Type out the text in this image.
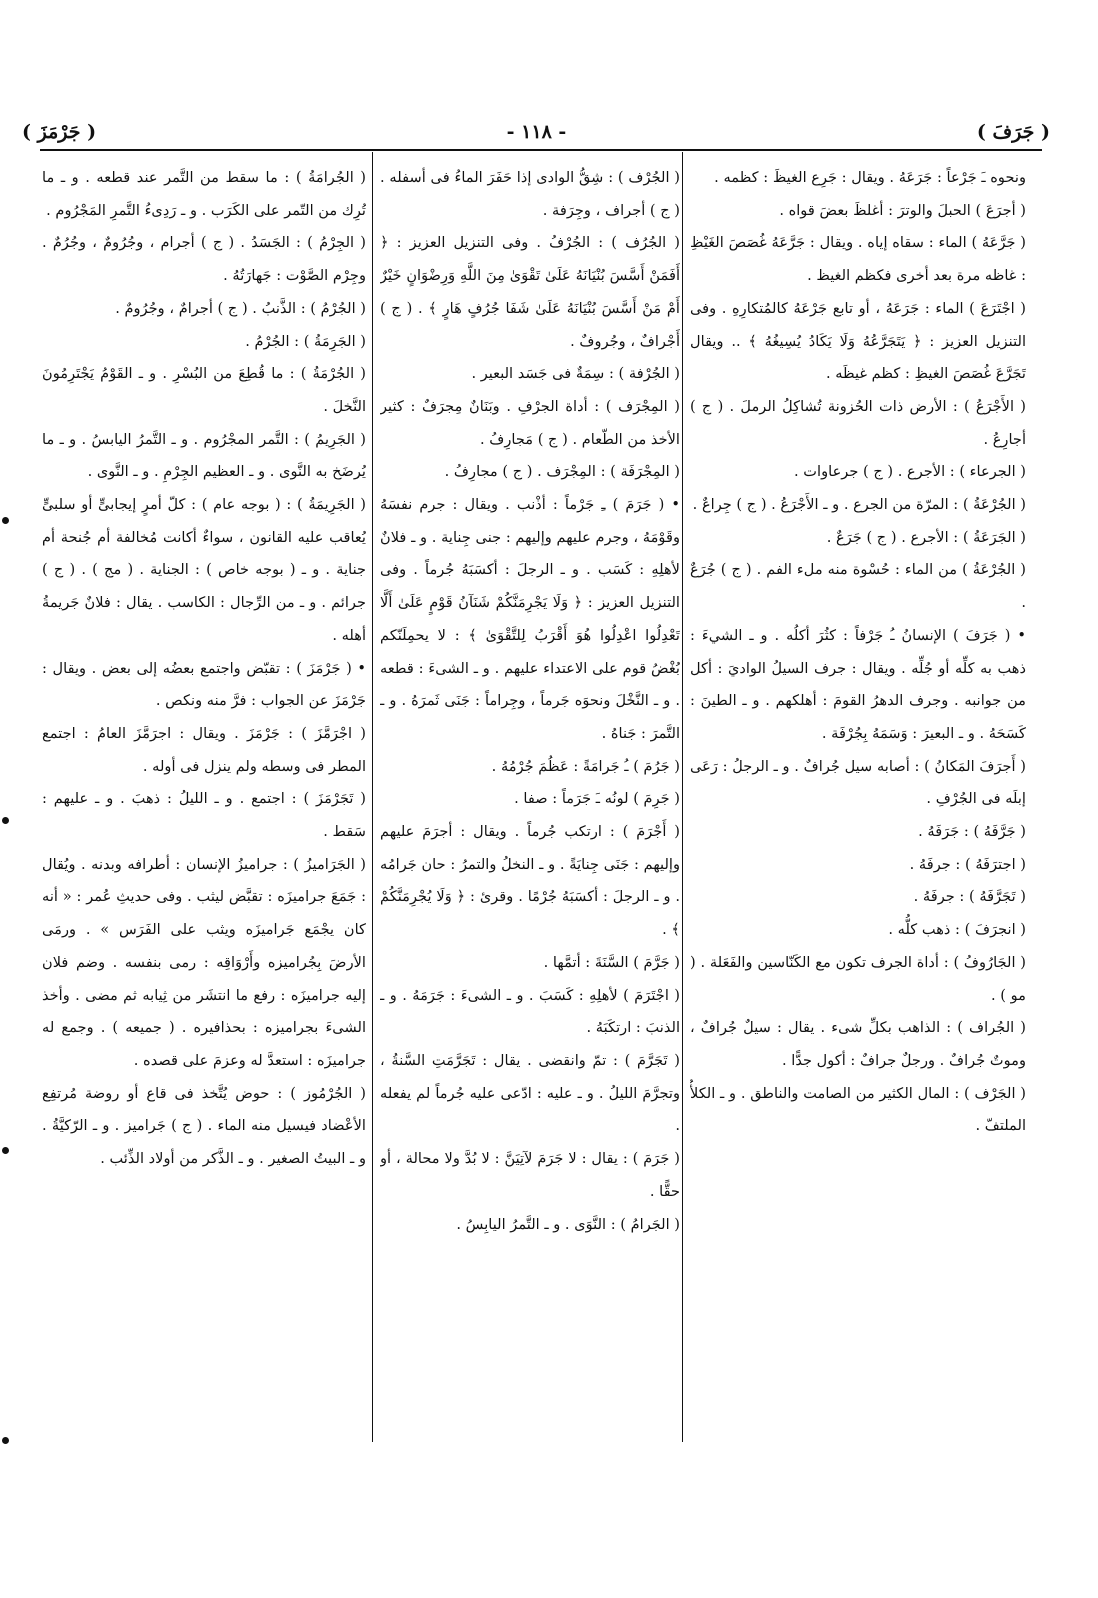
( جَرَفَ )
- ١١٨ -
( جَرْمَزَ )

ونحوه ـَ جَرْعاً : جَرَعَهُ . ويقال : جَرِع الغيظَ : كظمه .

( أجرَعَ ) الحبلَ والوترَ : أغلظَ بعضَ قواه .

( جَرَّعَهُ ) الماء : سقاه إياه . ويقال : جَرَّعَهُ غُصَصَ الغَيْظِ : غاظه مرة بعد أخرى فكظم الغيظ .

( اجْتَرَعَ ) الماء : جَرَعَهُ ، أو تابع جَرْعَهُ كالمُتكارِهِ . وفى التنزيل العزيز : ﴿ يَتَجَرَّعُهُ وَلَا يَكَادُ يُسِيغُهُ ﴾ .. ويقال تَجَرَّعَ غُصَصَ الغيظِ : كظم غيظَه .

( الأَجْرَعُ ) : الأرض ذات الحُزونة تُشاكِلُ الرملَ . ( ج ) أجارِعُ .

( الجرعاء ) : الأجرع . ( ج ) جرعاوات .

( الجُرْعَةُ ) : المرّة من الجرع . و ـ الأَجْرَعُ . ( ج ) جِراعٌ .

( الجَرَعَةُ ) : الأجرع . ( ج ) جَرَعٌ .

( الجُرْعَةُ ) من الماء : حُسْوة منه ملء الفم . ( ج ) جُرَعٌ .

• ( جَرَفَ ) الإنسانُ ـُ جَرْفاً : كثُرَ أكلُه . و ـ الشيءَ : ذهب به كلِّه أو جُلِّه . ويقال : جرف السيلُ الواديَ : أكل من جوانبه . وجرف الدهرُ القومَ : أهلكهم . و ـ الطينَ : كَسَحَهُ . و ـ البعيرَ : وَسَمَهُ بِجُرْفَة .

( أَجرَفَ المَكانُ ) : أصابه سيل جُرافٌ . و ـ الرجلُ : رَعَى إبلَه فى الجُرْفِ .

( جَرَّفَهُ ) : جَرَفَهُ .

( اجترَفَهُ ) : جرفَهُ .

( تَجَرَّفَهُ ) : جرفَهُ .

( انجرَفَ ) : ذهب كلُّه .

( الجَارُوفُ ) : أداة الجرف تكون مع الكَنّاسين والفَعَلة . ( مو ) .

( الجُراف ) : الذاهب بكلِّ شىء . يقال : سيلٌ جُرافٌ ، وموتٌ جُرافٌ . ورجلٌ جرافٌ : أكول جدًّا .

( الجَرْف ) : المال الكثير من الصامت والناطق . و ـ الكلأُ الملتفّ .

( الجُرْف ) : شِقُّ الوادى إذا حَفَرَ الماءُ فى أسفله . ( ج ) أجراف ، وجِرَفة .

( الجُرُف ) : الجُرْفُ . وفى التنزيل العزيز : ﴿ أَفَمَنْ أَسَّسَ بُنْيَانَهُ عَلَىٰ تَقْوَىٰ مِنَ اللَّهِ وَرِضْوَانٍ خَيْرٌ أَمْ مَنْ أَسَّسَ بُنْيَانَهُ عَلَىٰ شَفَا جُرُفٍ هَارٍ ﴾ . ( ج ) أَجْرافٌ ، وجُروفٌ .

( الجُرْفة ) : سِمَةٌ فى جَسَد البعير .

( المِجْرَف ) : أداة الجرْفِ . وبَنَانٌ مِجرَفٌ : كثير الأخذ من الطّعام . ( ج ) مَجارِفُ .

( المِجْرَفَة ) : المِجْرَف . ( ج ) مجارِفُ .

• ( جَرَمَ ) ـِ جَرْماً : أذْنب . ويقال : جرم نفسَهُ وقَوْمَهُ ، وجرم عليهم وإليهم : جنى جِناية . و ـ فلانٌ لأهلِهِ : كَسَب . و ـ الرجلَ : أكسَبَهُ جُرماً . وفى التنزيل العزيز : ﴿ وَلَا يَجْرِمَنَّكُمْ شَنَآنُ قَوْمٍ عَلَىٰ أَلَّا تَعْدِلُوا اعْدِلُوا هُوَ أَقْرَبُ لِلتَّقْوَىٰ ﴾ : لا يحمِلَنّكم بُغْضُ قوم على الاعتداء عليهم . و ـ الشىءَ : قطعه . و ـ النَّخْلَ ونحوَه جَرماً ، وجِراماً : جَنَى ثَمرَهُ . و ـ التَّمرَ : جَناهُ .

( جَرُمَ ) ـُ جَرامَةً : عَظُمَ جُرْمُهُ .

( جَرِمَ ) لونُه ـَ جَرَماً : صفا .

( أَجْرَمَ ) : ارتكب جُرماً . ويقال : أجرَمَ عليهم وإليهم : جَنَى جِنايَةً . و ـ النخلُ والتمرُ : حان جَرامُه . و ـ الرجلَ : أكسَبَهُ جُرْمًا . وقرئ : ﴿ وَلَا يُجْرِمَنَّكُمْ ﴾ .

( جَرَّمَ ) السَّنَةَ : أتمَّها .

( اجْتَرَمَ ) لأهلِهِ : كَسَبَ . و ـ الشىءَ : جَرَمَهُ . و ـ الذنبَ : ارتكَبَهُ .

( تَجَرَّمَ ) : تمّ وانقضى . يقال : تَجَرَّمَتِ السَّنةُ ، وتجرَّمَ الليلُ . و ـ عليه : ادّعى عليه جُرماً لم يفعله .

( جَرَمَ ) : يقال : لا جَرَمَ لآتِيَنَّ : لا بُدَّ ولا محالة ، أو حقًّا .

( الجَرامُ ) : النَّوَى . و ـ التَّمرُ اليابِسُ .

( الجُرامَةُ ) : ما سقط من التَّمر عند قطعه . و ـ ما تُرِك من التّمر على الكَرَب . و ـ رَدِىءُ التَّمرِ المَجْرُوم .

( الجِرْمُ ) : الجَسَدُ . ( ج ) أجرام ، وجُرُومٌ ، وجُرُمٌ . وجِرْم الصَّوْت : جَهارَتُهُ .

( الجُرْمُ ) : الذَّنبُ . ( ج ) أجرامٌ ، وجُرُومٌ .

( الجَرِمَةُ ) : الجُرْمُ .

( الجُرْمَةُ ) : ما قُطِعَ من البُسْرِ . و ـ القَوْمُ يَجْتَرِمُونَ النَّخلَ .

( الجَرِيمُ ) : التَّمر المجْرُوم . و ـ التَّمرُ اليابسُ . و ـ ما يُرضَخ به النَّوى . و ـ العظيم الجِرْمِ . و ـ النَّوى .

( الجَرِيمَةُ ) : ( بوجه عام ) : كلّ أمرٍ إيجابىٍّ أو سلبىٍّ يُعاقب عليه القانون ، سواءٌ أكانت مُخالفة أم جُنحة أم جناية . و ـ ( بوجه خاص ) : الجناية . ( مج ) . ( ج ) جرائم . و ـ من الرِّجال : الكاسب . يقال : فلانٌ جَريمةُ أهله .

• ( جَرْمَزَ ) : تقبّض واجتمع بعضُه إلى بعض . ويقال : جَرْمَزَ عن الجواب : فرَّ منه ونكص .

( اجْرَمَّزَ ) : جَرْمَزَ . ويقال : اجرَمَّزَ العامُ : اجتمع المطر فى وسطه ولم ينزل فى أوله .

( تَجَرْمَزَ ) : اجتمع . و ـ الليلُ : ذهبَ . و ـ عليهم : سَقط .

( الجَرَاميزُ ) : جراميزُ الإنسان : أطرافه وبدنه . ويُقال : جَمَعَ جراميزَه : تقبَّض ليثب . وفى حديثِ عُمر : « أنه كان يجْمَع جَراميزَه ويثب على الفَرَس » . ورمَى الأرضَ بِجُراميزه وأَرْوَاقِه : رمى بنفسه . وضم فلان إليه جراميزَه : رفع ما انتشَر من ثِيابه ثم مضى . وأخذ الشىءَ بجراميزه : بحذافيره . ( جميعه ) . وجمع له جراميزَه : استعدَّ له وعزمَ على قصده .

( الجُرْمُوز ) : حوض يُتَّخذ فى قاع أو روضة مُرتفِع الأعْضاد فيسيل منه الماء . ( ج ) جَراميز . و ـ الرّكيَّةُ . و ـ البيتُ الصغير . و ـ الذَّكر من أولاد الذِّئب .
